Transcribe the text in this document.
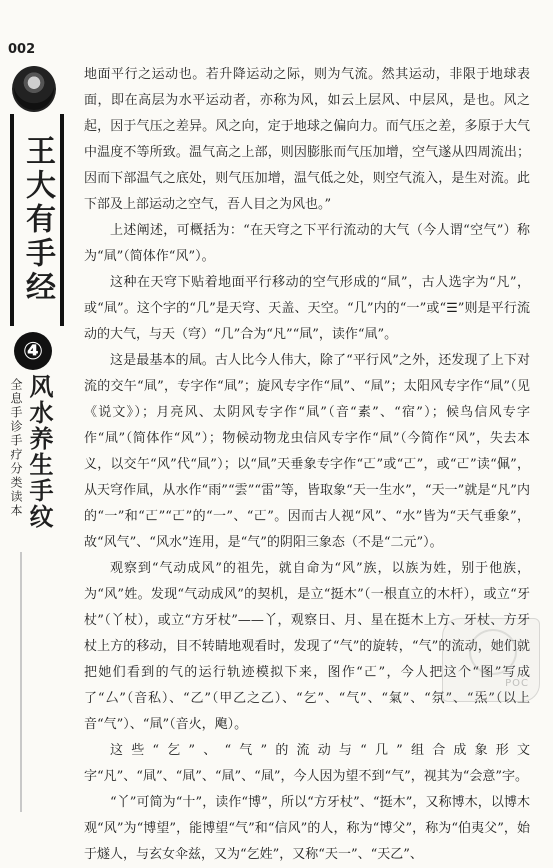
002
王大有手经
④
全息手诊手疗分类读本 风水养生手纹

地面平行之运动也。若升降运动之际，则为气流。然其运动，非限于地球表面，即在高层为水平运动者，亦称为风，如云上层风、中层风，是也。风之起，因于气压之差异。风之向，定于地球之偏向力。而气压之差，多原于大气中温度不等所致。温气高之上部，则因膨胀而气压加增，空气遂从四周流出；因而下部温气之底处，则气压加增，温气低之处，则空气流入，是生对流。此下部及上部运动之空气，吾人目之为风也。”

上述阐述，可概括为：“在天穹之下平行流动的大气（今人谓“空气”）称为“凬”（简体作“风”）。

这种在天穹下贴着地面平行移动的空气形成的“凬”，古人选字为“凡”，或“凬”。这个字的“几”是天穹、天盖、天空。“几”内的“一”或“☰”则是平行流动的大气，与天（穹）“几”合为“凡”“凬”，读作“凬”。

这是最基本的凬。古人比今人伟大，除了“平行风”之外，还发现了上下对流的交午“凬”，专字作“凬”；旋风专字作“凬”、“凬”；太阳风专字作“凬”（见《说文》）；月亮风、太阴风专字作“凬”（音“素”、“宿”）；候鸟信风专字作“凬”（简体作“风”）；物候动物龙虫信风专字作“凬”（今简作“风”，失去本义，以交午“风”代“凬”）；以“凬”天垂象专字作“𠀀”或“𠀀”，或“𠀀”读“佩”，从天穹作凬，从水作“雨”“雲”“雷”等，皆取象“天一生水”，“天一”就是“凡”内的“一”和“𠀀”“𠀀”的“一”、“𠀀”。因而古人视“风”、“水”皆为“天气垂象”，故“风气”、“风水”连用，是“气”的阴阳三象态（不是“二元”）。

观察到“气动成风”的祖先，就自命为“风”族，以族为姓，别于他族，为“风”姓。发现“气动成风”的契机，是立“挺木”（一根直立的木杆），或立“牙杖”（丫杖），或立“方牙杖”——丫，观察日、月、星在挺木上方、牙杖、方牙杖上方的移动，目不转睛地观看时，发现了“气”的旋转，“气”的流动，她们就把她们看到的气的运行轨迹模拟下来，图作“𠀀”，今人把这个“图”写成了“厶”（音私）、“乙”（甲乙之乙）、“乞”、“气”、“氣”、“氛”、“炁”（以上音“气”）、“凬”（音火，飑）。

这些“乞”、“气”的流动与“几”组合成象形文字“凡”、“凬”、“凬”、“凬”、“凬”，今人因为望不到“气”，视其为“会意”字。

“丫”可简为“十”，读作“博”，所以“方牙杖”、“挺木”，又称博木，以博木观“风”为“博望”，能博望“气”和“信风”的人，称为“博父”，称为“伯夷父”，始于燧人，与玄女伞兹，又为“乞姓”，又称“天一”、“天乙”、

POC
